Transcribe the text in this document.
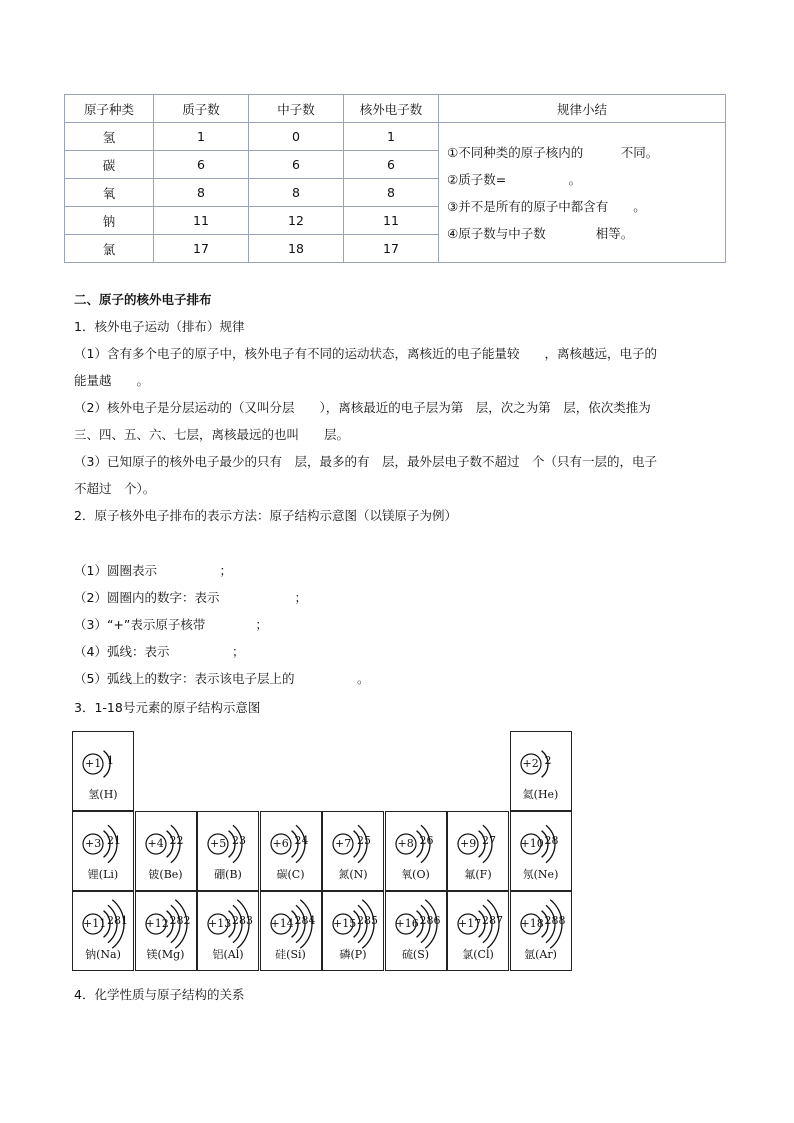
原子种类	质子数	中子数	核外电子数	规律小结
氢	1	0	1	①不同种类的原子核内的　　　不同。
②质子数=　　　　　。
③并不是所有的原子中都含有　　。
④原子数与中子数　　　　相等。

碳	6	6	6	
氧	8	8	8	
钠	11	12	11	
氯	17	18	17	
二、原子的核外电子排布
1．核外电子运动（排布）规律
（1）含有多个电子的原子中，核外电子有不同的运动状态，离核近的电子能量较　　，离核越远，电子的
能量越　　。
（2）核外电子是分层运动的（又叫分层　　），离核最近的电子层为第　层，次之为第　层，依次类推为
三、四、五、六、七层，离核最远的也叫　　层。
（3）已知原子的核外电子最少的只有　层，最多的有　层，最外层电子数不超过　个（只有一层的，电子
不超过　个）。
2．原子核外电子排布的表示方法：原子结构示意图（以镁原子为例）
（1）圆圈表示　　　　　；
（2）圆圈内的数字：表示　　　　　　；
（3）“+”表示原子核带　　　　；
（4）弧线：表示　　　　　；
（5）弧线上的数字：表示该电子层上的　　　　　。
3．1-18号元素的原子结构示意图
+1 1
氢(H)
+2 2
氦(He)
+3 21
锂(Li)
+4 22
铍(Be)
+5 23
硼(B)
+6 24
碳(C)
+7 25
氮(N)
+8 26
氧(O)
+9 27
氟(F)
+10 28
氖(Ne)
+11 281
钠(Na)
+12 282
镁(Mg)
+13 283
铝(Al)
+14 284
硅(Si)
+15 285
磷(P)
+16 286
硫(S)
+17 287
氯(Cl)
+18 288
氩(Ar)
4．化学性质与原子结构的关系
